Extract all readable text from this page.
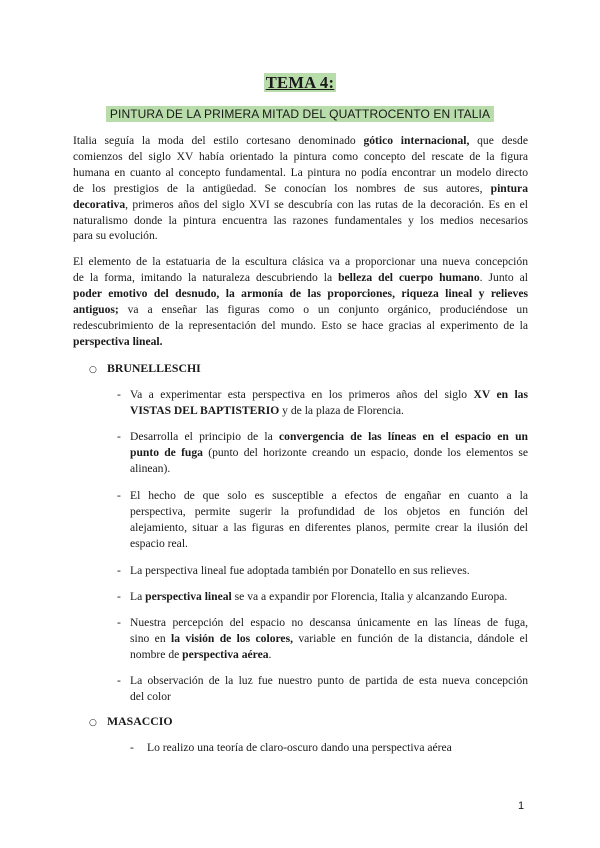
TEMA 4:
PINTURA DE LA PRIMERA MITAD DEL QUATTROCENTO EN ITALIA
Italia seguía la moda del estilo cortesano denominado gótico internacional, que desde
comienzos del siglo XV había orientado la pintura como concepto del rescate de la figura
humana en cuanto al concepto fundamental. La pintura no podía encontrar un modelo directo
de los prestigios de la antigüedad. Se conocían los nombres de sus autores, pintura
decorativa, primeros años del siglo XVI se descubría con las rutas de la decoración. Es en el
naturalismo donde la pintura encuentra las razones fundamentales y los medios necesarios
para su evolución.
El elemento de la estatuaria de la escultura clásica va a proporcionar una nueva concepción
de la forma, imitando la naturaleza descubriendo la belleza del cuerpo humano. Junto al
poder emotivo del desnudo, la armonía de las proporciones, riqueza lineal y relieves
antiguos; va a enseñar las figuras como o un conjunto orgánico, produciéndose un
redescubrimiento de la representación del mundo. Esto se hace gracias al experimento de la
perspectiva lineal.
○ BRUNELLESCHI
- Va a experimentar esta perspectiva en los primeros años del siglo XV en las
VISTAS DEL BAPTISTERIO y de la plaza de Florencia.
- Desarrolla el principio de la convergencia de las líneas en el espacio en un
punto de fuga (punto del horizonte creando un espacio, donde los elementos se
alinean).
- El hecho de que solo es susceptible a efectos de engañar en cuanto a la
perspectiva, permite sugerir la profundidad de los objetos en función del
alejamiento, situar a las figuras en diferentes planos, permite crear la ilusión del
espacio real.
- La perspectiva lineal fue adoptada también por Donatello en sus relieves.
- La perspectiva lineal se va a expandir por Florencia, Italia y alcanzando Europa.
- Nuestra percepción del espacio no descansa únicamente en las líneas de fuga,
sino en la visión de los colores, variable en función de la distancia, dándole el
nombre de perspectiva aérea.
- La observación de la luz fue nuestro punto de partida de esta nueva concepción
del color
○ MASACCIO
- Lo realizo una teoría de claro-oscuro dando una perspectiva aérea
1
